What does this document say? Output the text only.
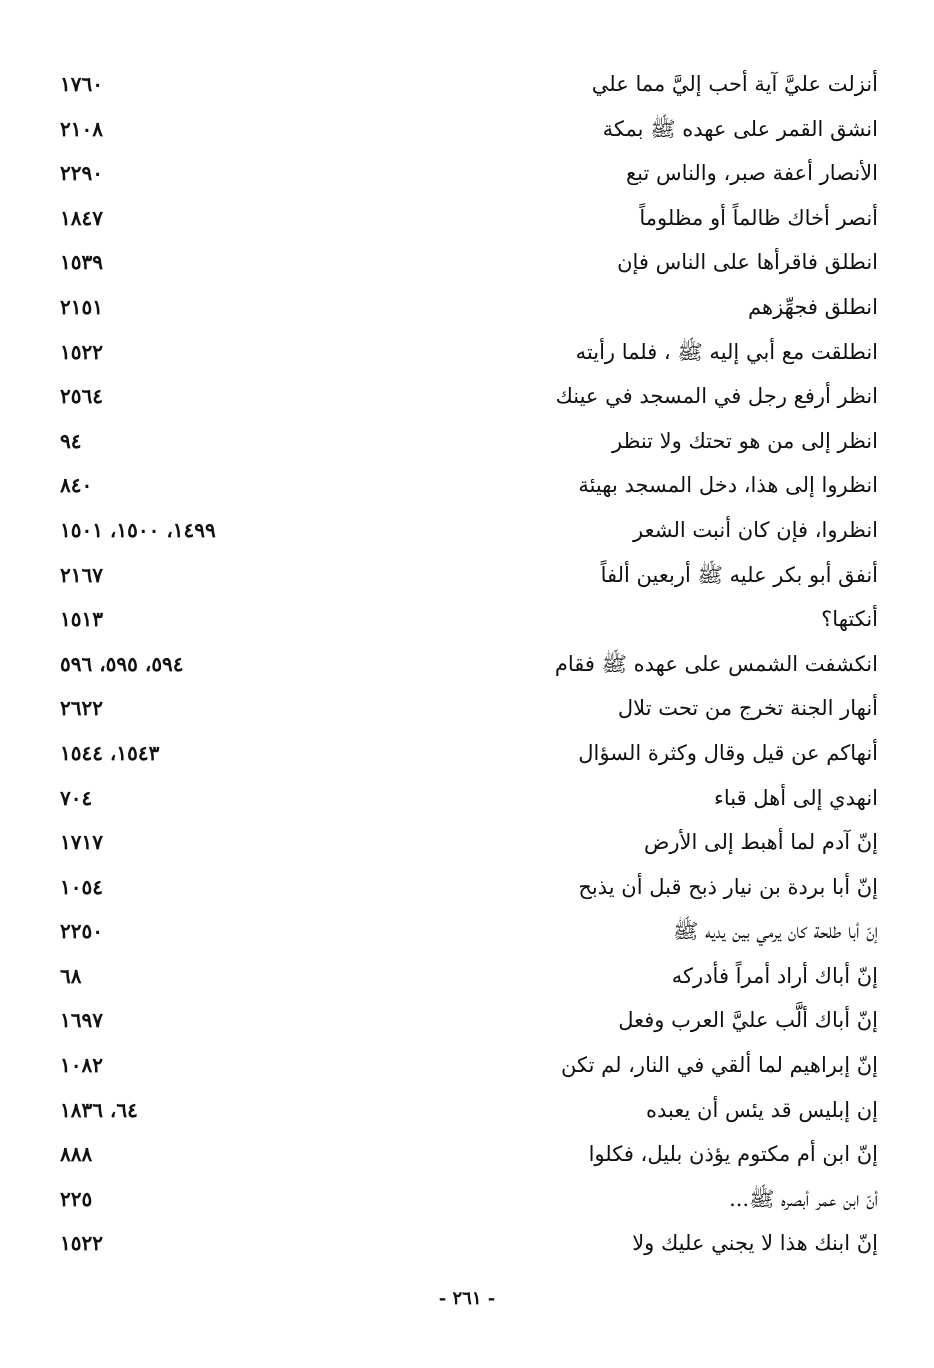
أنزلت عليَّ آية أحب إليَّ مما علي
١٧٦٠
انشق القمر على عهده ﷺ بمكة
٢١٠٨
الأنصار أعفة صبر، والناس تبع
٢٢٩٠
أنصر أخاك ظالماً أو مظلوماً
١٨٤٧
انطلق فاقرأها على الناس فإن
١٥٣٩
انطلق فجهِّزهم
٢١٥١
انطلقت مع أبي إليه ﷺ ، فلما رأيته
١٥٢٢
انظر أرفع رجل في المسجد في عينك
٢٥٦٤
انظر إلى من هو تحتك ولا تنظر
٩٤
انظروا إلى هذا، دخل المسجد بهيئة
٨٤٠
انظروا، فإن كان أنبت الشعر
١٤٩٩، ١٥٠٠، ١٥٠١
أنفق أبو بكر عليه ﷺ أربعين ألفاً
٢١٦٧
أنكتها؟
١٥١٣
انكشفت الشمس على عهده ﷺ فقام
٥٩٤، ٥٩٥، ٥٩٦
أنهار الجنة تخرج من تحت تلال
٢٦٢٢
أنهاكم عن قيل وقال وكثرة السؤال
١٥٤٣، ١٥٤٤
انهدي إلى أهل قباء
٧٠٤
إنّ آدم لما أهبط إلى الأرض
١٧١٧
إنّ أبا بردة بن نيار ذبح قبل أن يذبح
١٠٥٤
إنّ أبا طلحة كان يرمي بين يديه ﷺ
٢٢٥٠
إنّ أباك أراد أمراً فأدركه
٦٨
إنّ أباك ألَّب عليَّ العرب وفعل
١٦٩٧
إنّ إبراهيم لما ألقي في النار، لم تكن
١٠٨٢
إن إبليس قد يئس أن يعبده
٦٤، ١٨٣٦
إنّ ابن أم مكتوم يؤذن بليل، فكلوا
٨٨٨
أنّ ابن عمر أبصره ﷺ...
٢٢٥
إنّ ابنك هذا لا يجني عليك ولا
١٥٢٢
- ٢٦١ -
